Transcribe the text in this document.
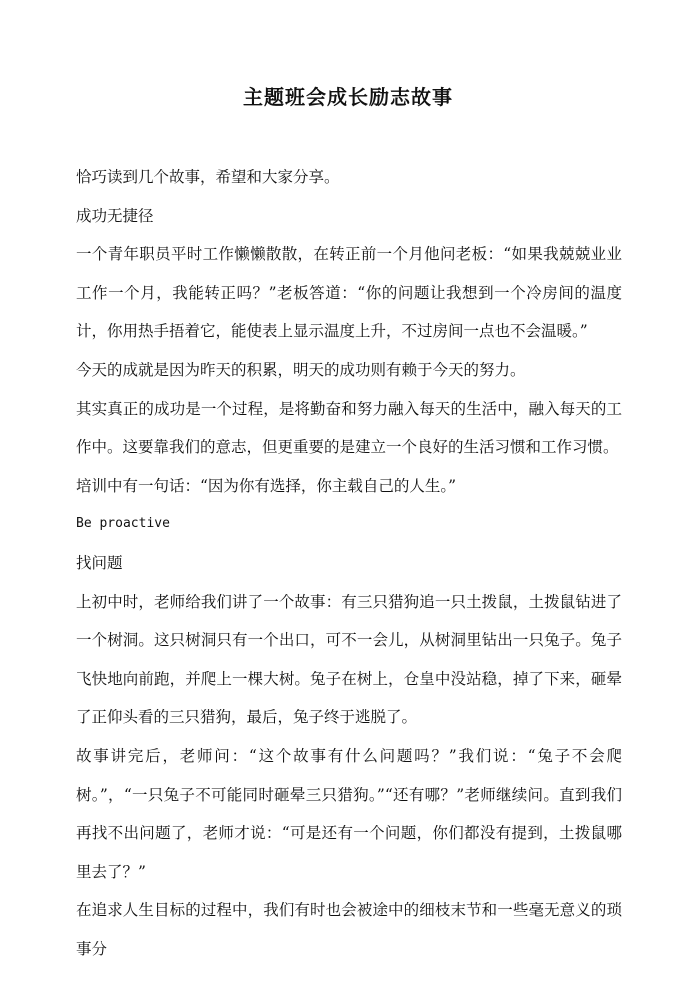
主题班会成长励志故事

恰巧读到几个故事，希望和大家分享。

成功无捷径

一个青年职员平时工作懒懒散散，在转正前一个月他问老板：“如果我兢兢业业工作一个月，我能转正吗？”老板答道：“你的问题让我想到一个冷房间的温度计，你用热手捂着它，能使表上显示温度上升，不过房间一点也不会温暖。”

今天的成就是因为昨天的积累，明天的成功则有赖于今天的努力。

其实真正的成功是一个过程，是将勤奋和努力融入每天的生活中，融入每天的工作中。这要靠我们的意志，但更重要的是建立一个良好的生活习惯和工作习惯。

培训中有一句话：“因为你有选择，你主载自己的人生。”

Be proactive

找问题

上初中时，老师给我们讲了一个故事：有三只猎狗追一只土拨鼠，土拨鼠钻进了一个树洞。这只树洞只有一个出口，可不一会儿，从树洞里钻出一只兔子。兔子飞快地向前跑，并爬上一棵大树。兔子在树上，仓皇中没站稳，掉了下来，砸晕了正仰头看的三只猎狗，最后，兔子终于逃脱了。

故事讲完后，老师问：“这个故事有什么问题吗？”我们说：“兔子不会爬树。”，“一只兔子不可能同时砸晕三只猎狗。”“还有哪？”老师继续问。直到我们再找不出问题了，老师才说：“可是还有一个问题，你们都没有提到，土拨鼠哪里去了？”

在追求人生目标的过程中，我们有时也会被途中的细枝末节和一些毫无意义的琐事分
